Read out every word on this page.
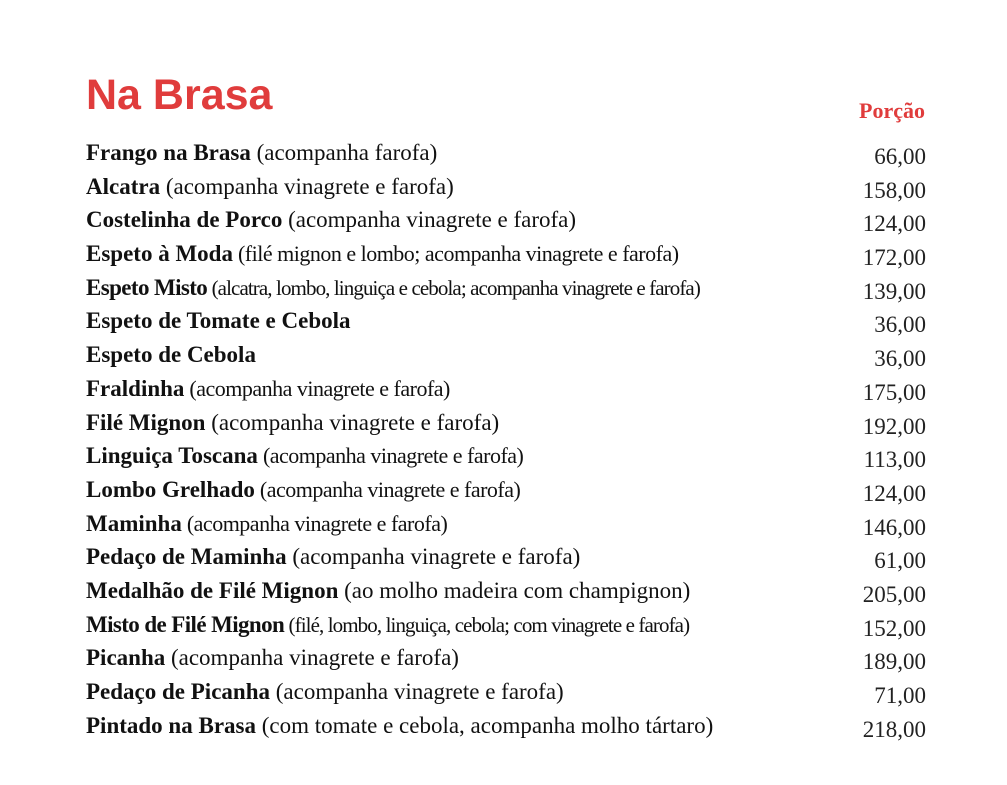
Na Brasa	Porção
Frango na Brasa (acompanha farofa)	66,00
Alcatra (acompanha vinagrete e farofa)	158,00
Costelinha de Porco (acompanha vinagrete e farofa)	124,00
Espeto à Moda (filé mignon e lombo; acompanha vinagrete e farofa)	172,00
Espeto Misto (alcatra, lombo, linguiça e cebola; acompanha vinagrete e farofa)	139,00
Espeto de Tomate e Cebola	36,00
Espeto de Cebola	36,00
Fraldinha (acompanha vinagrete e farofa)	175,00
Filé Mignon (acompanha vinagrete e farofa)	192,00
Linguiça Toscana (acompanha vinagrete e farofa)	113,00
Lombo Grelhado (acompanha vinagrete e farofa)	124,00
Maminha (acompanha vinagrete e farofa)	146,00
Pedaço de Maminha (acompanha vinagrete e farofa)	61,00
Medalhão de Filé Mignon (ao molho madeira com champignon)	205,00
Misto de Filé Mignon (filé, lombo, linguiça, cebola; com vinagrete e farofa)	152,00
Picanha (acompanha vinagrete e farofa)	189,00
Pedaço de Picanha (acompanha vinagrete e farofa)	71,00
Pintado na Brasa (com tomate e cebola, acompanha molho tártaro)	218,00
